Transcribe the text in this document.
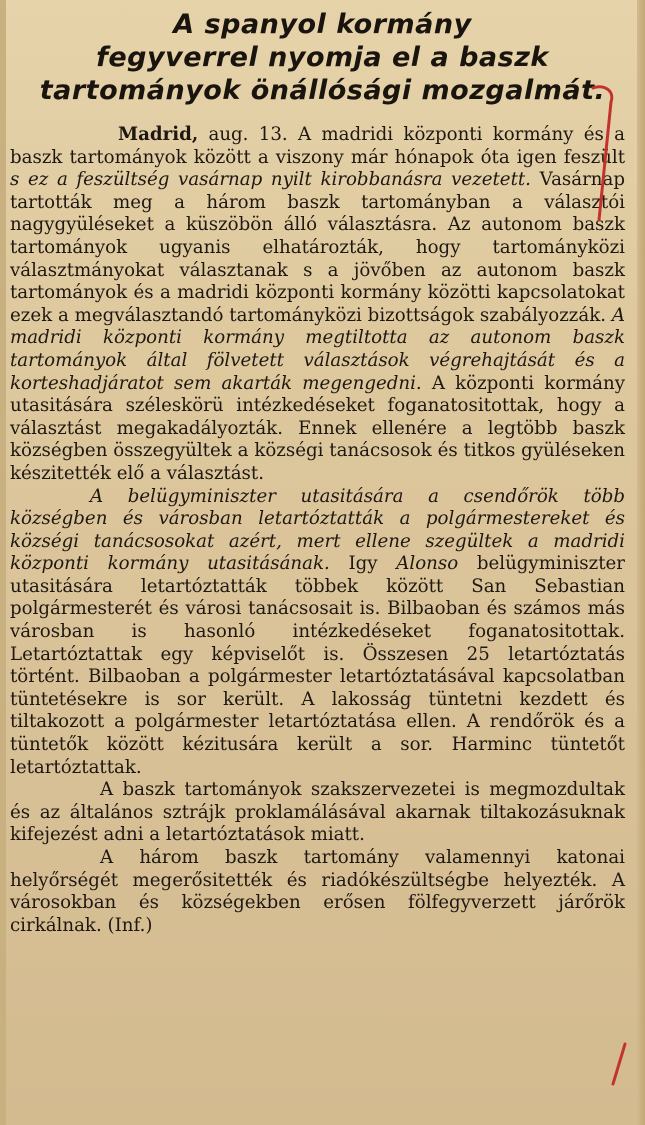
A spanyol kormány
fegyverrel nyomja el a baszk
tartományok önállósági mozgalmát.

Madrid, aug. 13. A madridi központi kormány és a baszk tartományok között a viszony már hónapok óta igen feszült s ez a feszültség vasárnap nyilt kirobbanásra vezetett. Vasárnap tartották meg a három baszk tartományban a választói nagygyüléseket a küszöbön álló választásra. Az autonom baszk tartományok ugyanis elhatározták, hogy tartományközi választmányokat választanak s a jövőben az autonom baszk tartományok és a madridi központi kormány közötti kapcsolatokat ezek a megválasztandó tartományközi bizottságok szabályozzák. A madridi központi kormány megtiltotta az autonom baszk tartományok által fölvetett választások végrehajtását és a korteshadjáratot sem akarták megengedni. A központi kormány utasitására széleskörü intézkedéseket foganatositottak, hogy a választást megakadályozták. Ennek ellenére a legtöbb baszk községben összegyültek a községi tanácsosok és titkos gyüléseken készitették elő a választást.

A belügyminiszter utasitására a csendőrök több községben és városban letartóztatták a polgármestereket és községi tanácsosokat azért, mert ellene szegültek a madridi központi kormány utasitásának. Igy Alonso belügyminiszter utasitására letartóztatták többek között San Sebastian polgármesterét és városi tanácsosait is. Bilbaoban és számos más városban is hasonló intézkedéseket foganatositottak. Letartóztattak egy képviselőt is. Összesen 25 letartóztatás történt. Bilbaoban a polgármester letartóztatásával kapcsolatban tüntetésekre is sor került. A lakosság tüntetni kezdett és tiltakozott a polgármester letartóztatása ellen. A rendőrök és a tüntetők között kézitusára került a sor. Harminc tüntetőt letartóztattak.

A baszk tartományok szakszervezetei is megmozdultak és az általános sztrájk proklamálásával akarnak tiltakozásuknak kifejezést adni a letartóztatások miatt.

A három baszk tartomány valamennyi katonai helyőrségét megerősitették és riadókészültségbe helyezték. A városokban és községekben erősen fölfegyverzett járőrök cirkálnak. (Inf.)
